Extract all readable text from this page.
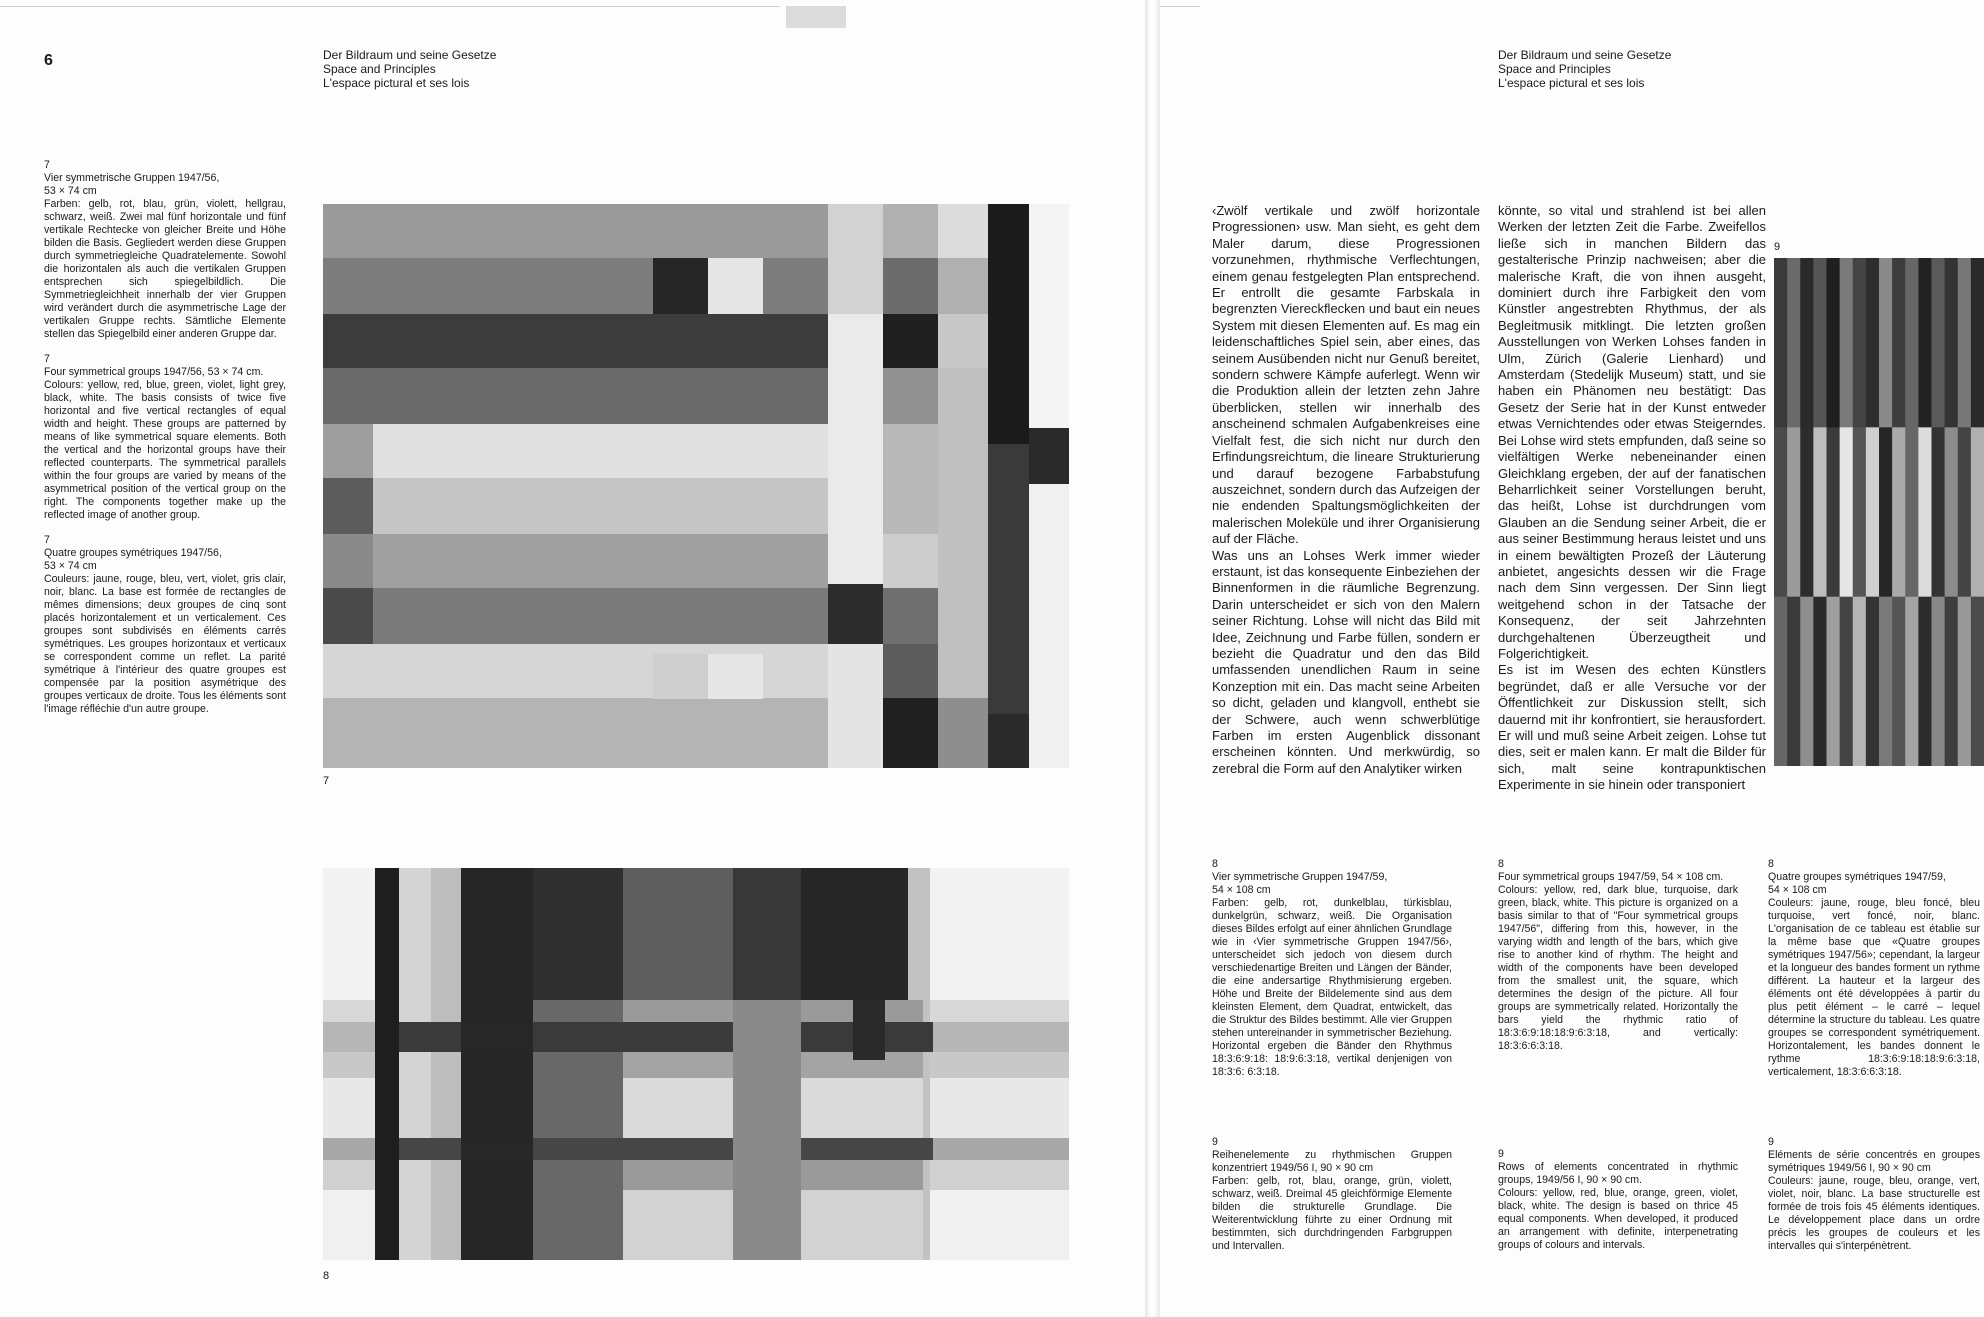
6	Der Bildraum und seine Gesetze
Space and Principles
L'espace pictural et ses lois

7
Vier symmetrische Gruppen 1947/56,
53 × 74 cm
Farben: gelb, rot, blau, grün, violett, hellgrau, schwarz, weiß. Zwei mal fünf horizontale und fünf vertikale Rechtecke von gleicher Breite und Höhe bilden die Basis. Gegliedert werden diese Gruppen durch symmetriegleiche Quadratelemente. Sowohl die horizontalen als auch die vertikalen Gruppen entsprechen sich spiegelbildlich. Die Symmetriegleichheit innerhalb der vier Gruppen wird verändert durch die asymmetrische Lage der vertikalen Gruppe rechts. Sämtliche Elemente stellen das Spiegelbild einer anderen Gruppe dar.

7
Four symmetrical groups 1947/56, 53 × 74 cm.
Colours: yellow, red, blue, green, violet, light grey, black, white. The basis consists of twice five horizontal and five vertical rectangles of equal width and height. These groups are patterned by means of like symmetrical square elements. Both the vertical and the horizontal groups have their reflected counterparts. The symmetrical parallels within the four groups are varied by means of the asymmetrical position of the vertical group on the right. The components together make up the reflected image of another group.

7
Quatre groupes symétriques 1947/56,
53 × 74 cm
Couleurs: jaune, rouge, bleu, vert, violet, gris clair, noir, blanc. La base est formée de rectangles de mêmes dimensions; deux groupes de cinq sont placés horizontalement et un verticalement. Ces groupes sont subdivisés en éléments carrés symétriques. Les groupes horizontaux et verticaux se correspondent comme un reflet. La parité symétrique à l'intérieur des quatre groupes est compensée par la position asymétrique des groupes verticaux de droite. Tous les éléments sont l'image réfléchie d'un autre groupe.

7
8
Der Bildraum und seine Gesetze
Space and Principles
L'espace pictural et ses lois

‹Zwölf vertikale und zwölf horizontale Progressionen› usw. Man sieht, es geht dem Maler darum, diese Progressionen vorzunehmen, rhythmische Verflechtungen, einem genau festgelegten Plan entsprechend. Er entrollt die gesamte Farbskala in begrenzten Viereckflecken und baut ein neues System mit diesen Elementen auf. Es mag ein leidenschaftliches Spiel sein, aber eines, das seinem Ausübenden nicht nur Genuß bereitet, sondern schwere Kämpfe auferlegt. Wenn wir die Produktion allein der letzten zehn Jahre überblicken, stellen wir innerhalb des anscheinend schmalen Aufgabenkreises eine Vielfalt fest, die sich nicht nur durch den Erfindungsreichtum, die lineare Strukturierung und darauf bezogene Farbabstufung auszeichnet, sondern durch das Aufzeigen der nie endenden Spaltungsmöglichkeiten der malerischen Moleküle und ihrer Organisierung auf der Fläche.

Was uns an Lohses Werk immer wieder erstaunt, ist das konsequente Einbeziehen der Binnenformen in die räumliche Begrenzung. Darin unterscheidet er sich von den Malern seiner Richtung. Lohse will nicht das Bild mit Idee, Zeichnung und Farbe füllen, sondern er bezieht die Quadratur und den das Bild umfassenden unendlichen Raum in seine Konzeption mit ein. Das macht seine Arbeiten so dicht, geladen und klangvoll, enthebt sie der Schwere, auch wenn schwerblütige Farben im ersten Augenblick dissonant erscheinen könnten. Und merkwürdig, so zerebral die Form auf den Analytiker wirken

könnte, so vital und strahlend ist bei allen Werken der letzten Zeit die Farbe. Zweifellos ließe sich in manchen Bildern das gestalterische Prinzip nachweisen; aber die malerische Kraft, die von ihnen ausgeht, dominiert durch ihre Farbigkeit den vom Künstler angestrebten Rhythmus, der als Begleitmusik mitklingt. Die letzten großen Ausstellungen von Werken Lohses fanden in Ulm, Zürich (Galerie Lienhard) und Amsterdam (Stedelijk Museum) statt, und sie haben ein Phänomen neu bestätigt: Das Gesetz der Serie hat in der Kunst entweder etwas Vernichtendes oder etwas Steigerndes. Bei Lohse wird stets empfunden, daß seine so vielfältigen Werke nebeneinander einen Gleichklang ergeben, der auf der fanatischen Beharrlichkeit seiner Vorstellungen beruht, das heißt, Lohse ist durchdrungen vom Glauben an die Sendung seiner Arbeit, die er aus seiner Bestimmung heraus leistet und uns in einem bewältigten Prozeß der Läuterung anbietet, angesichts dessen wir die Frage nach dem Sinn vergessen. Der Sinn liegt weitgehend schon in der Tatsache der Konsequenz, der seit Jahrzehnten durchgehaltenen Überzeugtheit und Folgerichtigkeit.

Es ist im Wesen des echten Künstlers begründet, daß er alle Versuche vor der Öffentlichkeit zur Diskussion stellt, sich dauernd mit ihr konfrontiert, sie herausfordert. Er will und muß seine Arbeit zeigen. Lohse tut dies, seit er malen kann. Er malt die Bilder für sich, malt seine kontrapunktischen Experimente in sie hinein oder transponiert

9
8
Vier symmetrische Gruppen 1947/59,
54 × 108 cm
Farben: gelb, rot, dunkelblau, türkisblau, dunkelgrün, schwarz, weiß. Die Organisation dieses Bildes erfolgt auf einer ähnlichen Grundlage wie in ‹Vier symmetrische Gruppen 1947/56›, unterscheidet sich jedoch von diesem durch verschiedenartige Breiten und Längen der Bänder, die eine andersartige Rhythmisierung ergeben. Höhe und Breite der Bildelemente sind aus dem kleinsten Element, dem Quadrat, entwickelt, das die Struktur des Bildes bestimmt. Alle vier Gruppen stehen untereinander in symmetrischer Beziehung. Horizontal ergeben die Bänder den Rhythmus 18:3:6:9:18: 18:9:6:3:18, vertikal denjenigen von 18:3:6: 6:3:18.
8
Four symmetrical groups 1947/59, 54 × 108 cm.
Colours: yellow, red, dark blue, turquoise, dark green, black, white. This picture is organized on a basis similar to that of "Four symmetrical groups 1947/56", differing from this, however, in the varying width and length of the bars, which give rise to another kind of rhythm. The height and width of the components have been developed from the smallest unit, the square, which determines the design of the picture. All four groups are symmetrically related. Horizontally the bars yield the rhythmic ratio of 18:3:6:9:18:18:9:6:3:18, and vertically: 18:3:6:6:3:18.
8
Quatre groupes symétriques 1947/59,
54 × 108 cm
Couleurs: jaune, rouge, bleu foncé, bleu turquoise, vert foncé, noir, blanc. L'organisation de ce tableau est établie sur la même base que «Quatre groupes symétriques 1947/56»; cependant, la largeur et la longueur des bandes forment un rythme différent. La hauteur et la largeur des éléments ont été développées à partir du plus petit élément – le carré – lequel détermine la structure du tableau. Les quatre groupes se correspondent symétriquement. Horizontalement, les bandes donnent le rythme 18:3:6:9:18:18:9:6:3:18, verticalement, 18:3:6:6:3:18.
9
Reihenelemente zu rhythmischen Gruppen konzentriert 1949/56 I, 90 × 90 cm
Farben: gelb, rot, blau, orange, grün, violett, schwarz, weiß. Dreimal 45 gleichförmige Elemente bilden die strukturelle Grundlage. Die Weiterentwicklung führte zu einer Ordnung mit bestimmten, sich durchdringenden Farbgruppen und Intervallen.
9
Rows of elements concentrated in rhythmic groups, 1949/56 I, 90 × 90 cm.
Colours: yellow, red, blue, orange, green, violet, black, white. The design is based on thrice 45 equal components. When developed, it produced an arrangement with definite, interpenetrating groups of colours and intervals.
9
Eléments de série concentrés en groupes symétriques 1949/56 I, 90 × 90 cm
Couleurs: jaune, rouge, bleu, orange, vert, violet, noir, blanc. La base structurelle est formée de trois fois 45 éléments identiques. Le développement place dans un ordre précis les groupes de couleurs et les intervalles qui s'interpénètrent.
